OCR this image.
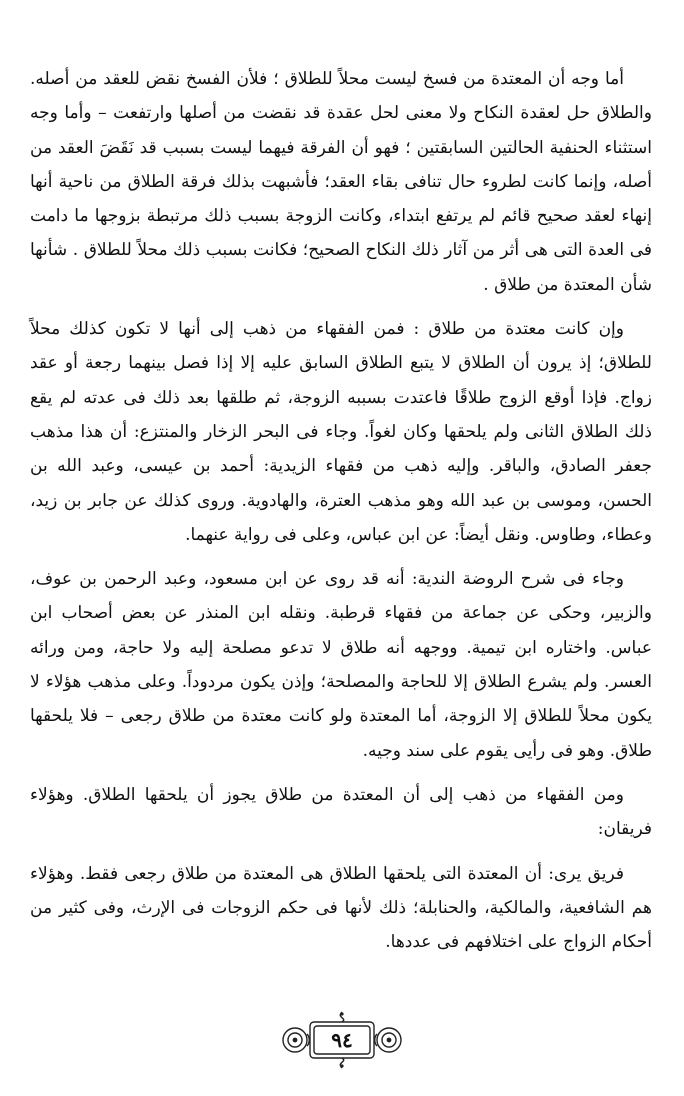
أما وجه أن المعتدة من فسخ ليست محلاً للطلاق ؛ فلأن الفسخ نقض للعقد من أصله. والطلاق حل لعقدة النكاح ولا معنى لحل عقدة قد نقضت من أصلها وارتفعت – وأما وجه استثناء الحنفية الحالتين السابقتين ؛ فهو أن الفرقة فيهما ليست بسبب قد نَقَضَ العقد من أصله، وإنما كانت لطروء حال تنافى بقاء العقد؛ فأشبهت بذلك فرقة الطلاق من ناحية أنها إنهاء لعقد صحيح قائم لم يرتفع ابتداء، وكانت الزوجة بسبب ذلك مرتبطة بزوجها ما دامت فى العدة التى هى أثر من آثار ذلك النكاح الصحيح؛ فكانت بسبب ذلك محلاً للطلاق . شأنها شأن المعتدة من طلاق .

وإن كانت معتدة من طلاق : فمن الفقهاء من ذهب إلى أنها لا تكون كذلك محلاً للطلاق؛ إذ يرون أن الطلاق لا يتبع الطلاق السابق عليه إلا إذا فصل بينهما رجعة أو عقد زواج. فإذا أوقع الزوج طلاقًا فاعتدت بسببه الزوجة، ثم طلقها بعد ذلك فى عدته لم يقع ذلك الطلاق الثانى ولم يلحقها وكان لغواً. وجاء فى البحر الزخار والمنتزع: أن هذا مذهب جعفر الصادق، والباقر. وإليه ذهب من فقهاء الزيدية: أحمد بن عيسى، وعبد الله بن الحسن، وموسى بن عبد الله وهو مذهب العترة، والهادوية. وروى كذلك عن جابر بن زيد، وعطاء، وطاوس. ونقل أيضاً: عن ابن عباس، وعلى فى رواية عنهما.

وجاء فى شرح الروضة الندية: أنه قد روى عن ابن مسعود، وعبد الرحمن بن عوف، والزبير، وحكى عن جماعة من فقهاء قرطبة. ونقله ابن المنذر عن بعض أصحاب ابن عباس. واختاره ابن تيمية. ووجهه أنه طلاق لا تدعو مصلحة إليه ولا حاجة، ومن ورائه العسر. ولم يشرع الطلاق إلا للحاجة والمصلحة؛ وإذن يكون مردوداً. وعلى مذهب هؤلاء لا يكون محلاً للطلاق إلا الزوجة، أما المعتدة ولو كانت معتدة من طلاق رجعى – فلا يلحقها طلاق. وهو فى رأيى يقوم على سند وجيه.

ومن الفقهاء من ذهب إلى أن المعتدة من طلاق يجوز أن يلحقها الطلاق. وهؤلاء فريقان:

فريق يرى: أن المعتدة التى يلحقها الطلاق هى المعتدة من طلاق رجعى فقط. وهؤلاء هم الشافعية، والمالكية، والحنابلة؛ ذلك لأنها فى حكم الزوجات فى الإرث، وفى كثير من أحكام الزواج على اختلافهم فى عددها.

٩٤
